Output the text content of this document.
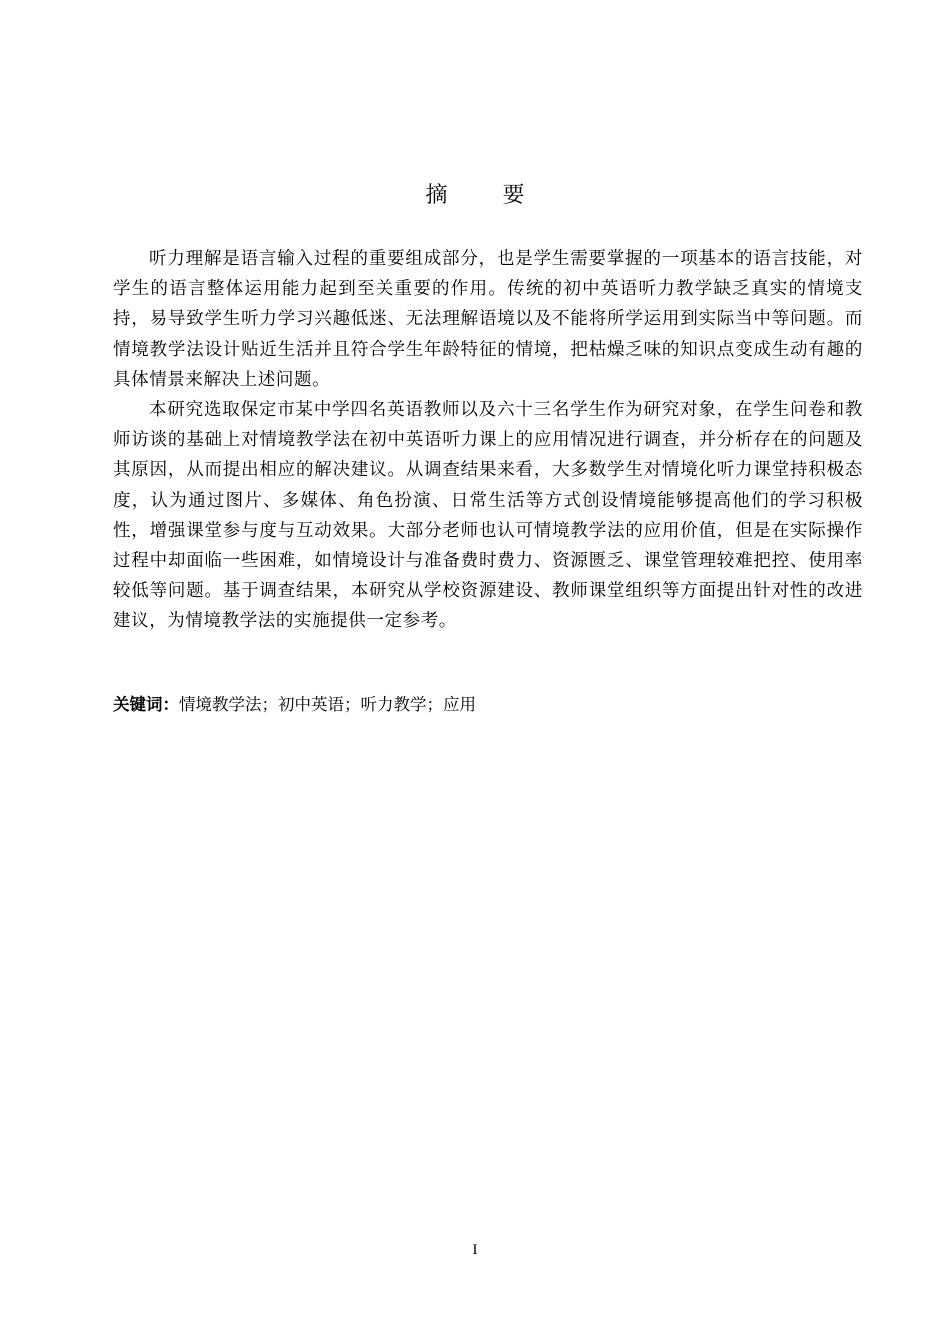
摘 要

听力理解是语言输入过程的重要组成部分，也是学生需要掌握的一项基本的语言技能，对学生的语言整体运用能力起到至关重要的作用。传统的初中英语听力教学缺乏真实的情境支持，易导致学生听力学习兴趣低迷、无法理解语境以及不能将所学运用到实际当中等问题。而情境教学法设计贴近生活并且符合学生年龄特征的情境，把枯燥乏味的知识点变成生动有趣的具体情景来解决上述问题。

本研究选取保定市某中学四名英语教师以及六十三名学生作为研究对象，在学生问卷和教师访谈的基础上对情境教学法在初中英语听力课上的应用情况进行调查，并分析存在的问题及其原因，从而提出相应的解决建议。从调查结果来看，大多数学生对情境化听力课堂持积极态度，认为通过图片、多媒体、角色扮演、日常生活等方式创设情境能够提高他们的学习积极性，增强课堂参与度与互动效果。大部分老师也认可情境教学法的应用价值，但是在实际操作过程中却面临一些困难，如情境设计与准备费时费力、资源匮乏、课堂管理较难把控、使用率较低等问题。基于调查结果，本研究从学校资源建设、教师课堂组织等方面提出针对性的改进建议，为情境教学法的实施提供一定参考。

关键词：情境教学法；初中英语；听力教学；应用
I
